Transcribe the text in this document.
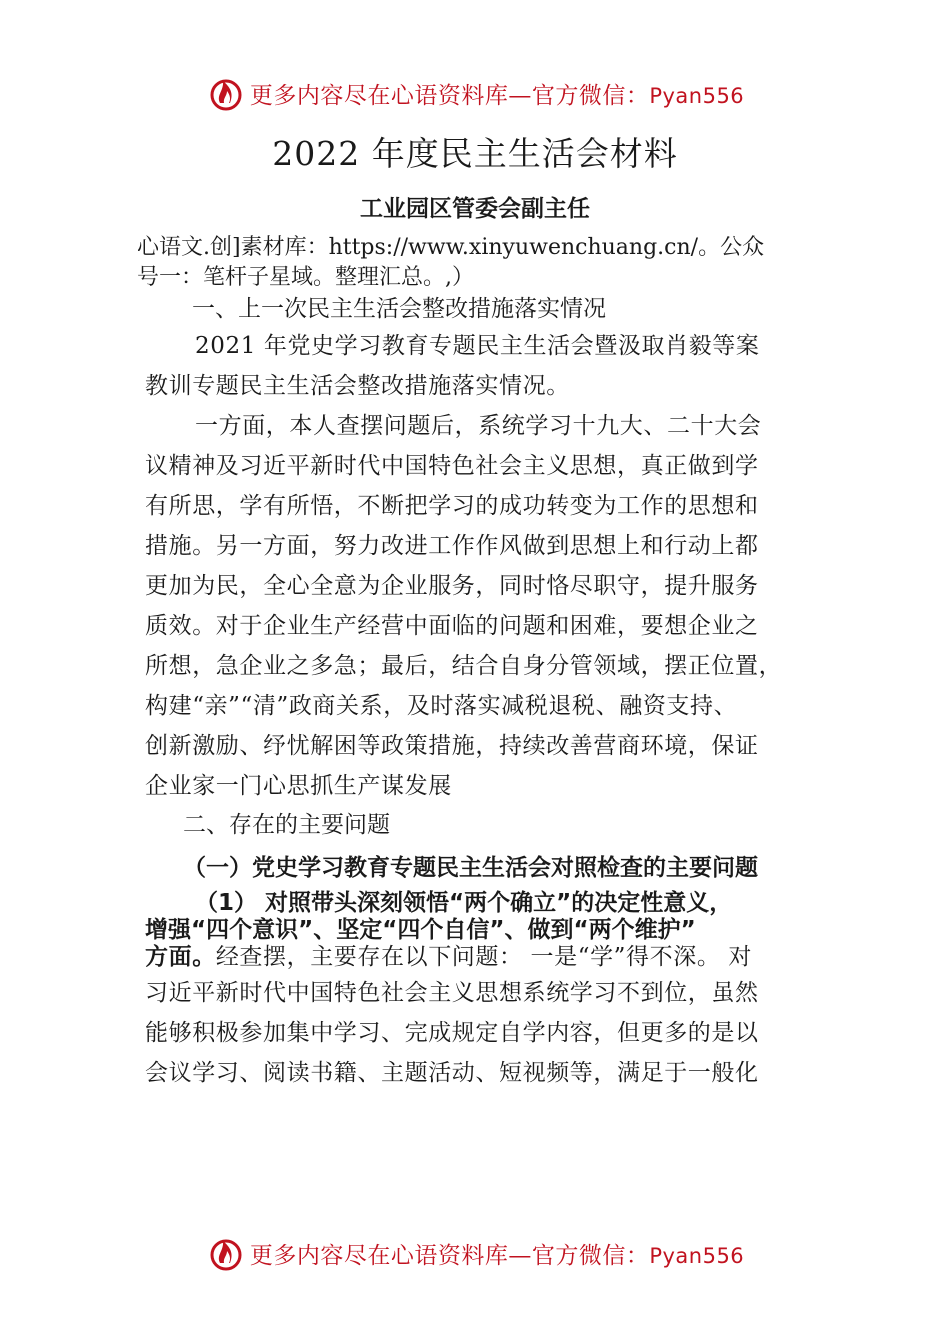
更多内容尽在心语资料库—官方微信：Pyan556
2022 年度民主生活会材料
工业园区管委会副主任
心语文.创]素材库：https://www.xinyuwenchuang.cn/。公众
号一：笔杆子星域。整理汇总。,）
一、上一次民主生活会整改措施落实情况
2021 年党史学习教育专题民主生活会暨汲取肖毅等案
教训专题民主生活会整改措施落实情况。
一方面，本人查摆问题后，系统学习十九大、二十大会
议精神及习近平新时代中国特色社会主义思想，真正做到学
有所思，学有所悟，不断把学习的成功转变为工作的思想和
措施。另一方面，努力改进工作作风做到思想上和行动上都
更加为民，全心全意为企业服务，同时恪尽职守，提升服务
质效。对于企业生产经营中面临的问题和困难，要想企业之
所想，急企业之多急；最后，结合自身分管领域，摆正位置，
构建“亲”“清”政商关系，及时落实减税退税、融资支持、
创新激励、纾忧解困等政策措施，持续改善营商环境，保证
企业家一门心思抓生产谋发展
二、存在的主要问题
（一）党史学习教育专题民主生活会对照检查的主要问题
（1） 对照带头深刻领悟“两个确立”的决定性意义，
增强“四个意识”、坚定“四个自信”、做到“两个维护”
方面。经查摆，主要存在以下问题： 一是“学”得不深。 对
习近平新时代中国特色社会主义思想系统学习不到位，虽然
能够积极参加集中学习、完成规定自学内容，但更多的是以
会议学习、阅读书籍、主题活动、短视频等，满足于一般化
更多内容尽在心语资料库—官方微信：Pyan556
